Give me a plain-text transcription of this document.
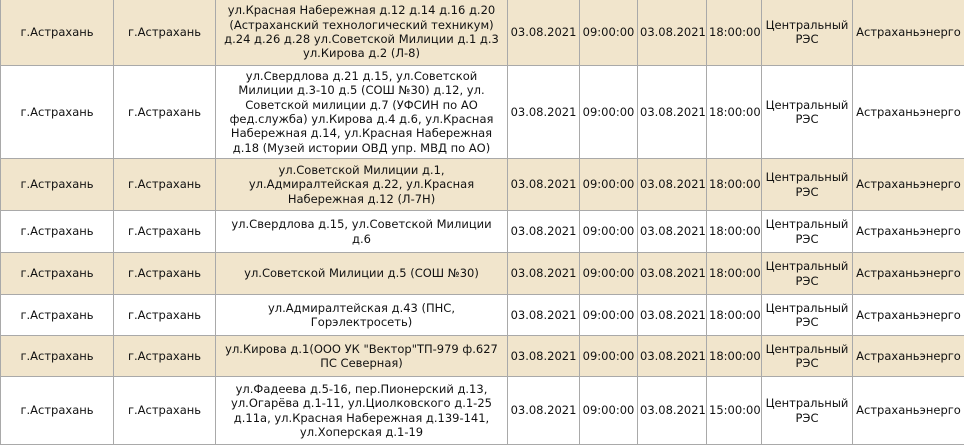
г.Астрахань	г.Астрахань	ул.Красная Набережная д.12 д.14 д.16 д.20 (Астраханский технологический техникум) д.24 д.26 д.28 ул.Советской Милиции д.1 д.3 ул.Кирова д.2 (Л-8)	03.08.2021	09:00:00	03.08.2021	18:00:00	Центральный РЭС	Астраханьэнерго
г.Астрахань	г.Астрахань	ул.Свердлова д.21 д.15, ул.Советской Милиции д.3-10 д.5 (СОШ №30) д.12, ул. Советской милиции д.7 (УФСИН по АО фед.служба) ул.Кирова д.4 д.6, ул.Красная Набережная д.14, ул.Красная Набережная д.18 (Музей истории ОВД упр. МВД по АО)	03.08.2021	09:00:00	03.08.2021	18:00:00	Центральный РЭС	Астраханьэнерго
г.Астрахань	г.Астрахань	ул.Советской Милиции д.1, ул.Адмиралтейская д.22, ул.Красная Набережная д.12 (Л-7Н)	03.08.2021	09:00:00	03.08.2021	18:00:00	Центральный РЭС	Астраханьэнерго
г.Астрахань	г.Астрахань	ул.Свердлова д.15, ул.Советской Милиции д.6	03.08.2021	09:00:00	03.08.2021	18:00:00	Центральный РЭС	Астраханьэнерго
г.Астрахань	г.Астрахань	ул.Советской Милиции д.5 (СОШ №30)	03.08.2021	09:00:00	03.08.2021	18:00:00	Центральный РЭС	Астраханьэнерго
г.Астрахань	г.Астрахань	ул.Адмиралтейская д.43 (ПНС, Горэлектросеть)	03.08.2021	09:00:00	03.08.2021	18:00:00	Центральный РЭС	Астраханьэнерго
г.Астрахань	г.Астрахань	ул.Кирова д.1(ООО УК "Вектор"ТП-979 ф.627 ПС Северная)	03.08.2021	09:00:00	03.08.2021	18:00:00	Центральный РЭС	Астраханьэнерго
г.Астрахань	г.Астрахань	ул.Фадеева д.5-16, пер.Пионерский д.13, ул.Огарёва д.1-11, ул.Циолковского д.1-25 д.11а, ул.Красная Набережная д.139-141, ул.Хоперская д.1-19	03.08.2021	09:00:00	03.08.2021	15:00:00	Центральный РЭС	Астраханьэнерго
